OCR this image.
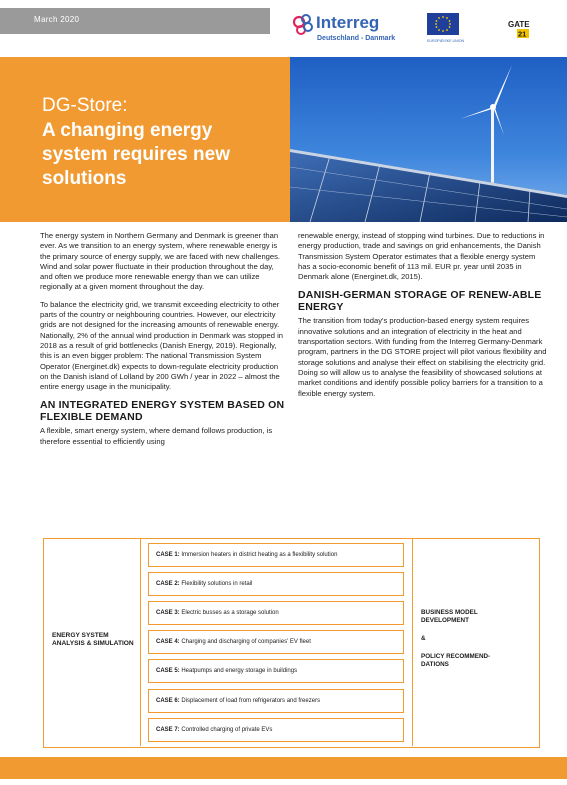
March 2020	Interreg
Deutschland - Danmark	EUROPÆISKE UNION
GATE
21
DG-Store:
A changing energy system requires new solutions

The energy system in Northern Germany and Denmark is greener than ever. As we transition to an energy system, where renewable energy is the primary source of energy supply, we are faced with new challenges. Wind and solar power fluctuate in their production throughout the day, and often we produce more renewable energy than we can utilize regionally at a given moment throughout the day.

To balance the electricity grid, we transmit exceeding electricity to other parts of the country or neighbouring countries. However, our electricity grids are not designed for the increasing amounts of renewable energy. Nationally, 2% of the annual wind production in Denmark was stopped in 2018 as a result of grid bottlenecks (Danish Energy, 2019). Regionally, this is an even bigger problem: The national Transmission System Operator (Energinet.dk) expects to down-regulate electricity production on the Danish island of Lolland by 200 GWh / year in 2022 – almost the entire energy usage in the municipality.

AN INTEGRATED ENERGY SYSTEM BASED ON FLEXIBLE DEMAND

A flexible, smart energy system, where demand follows production, is therefore essential to efficiently using

renewable energy, instead of stopping wind turbines. Due to reductions in energy production, trade and savings on grid enhancements, the Danish Transmission System Operator estimates that a flexible energy system has a socio-economic benefit of 113 mil. EUR pr. year until 2035 in Denmark alone (Energinet.dk, 2015).

DANISH-GERMAN STORAGE OF RENEW-ABLE ENERGY

The transition from today's production-based energy system requires innovative solutions and an integration of electricity in the heat and transportation sectors. With funding from the Interreg Germany-Denmark program, partners in the DG STORE project will pilot various flexibility and storage solutions and analyse their effect on stabilising the electricity grid. Doing so will allow us to analyse the feasibility of showcased solutions at market conditions and identify possible policy barriers for a transition to a flexible energy system.

ENERGY SYSTEM ANALYSIS & SIMULATION
CASE 1: Immersion heaters in district heating as a flexibility solution
CASE 2: Flexibility solutions in retail
CASE 3: Electric busses as a storage solution
CASE 4: Charging and discharging of companies' EV fleet
CASE 5: Heatpumps and energy storage in buildings
CASE 6: Displacement of load from refrigerators and freezers
CASE 7: Controlled charging of private EVs
BUSINESS MODEL DEVELOPMENT
&
POLICY RECOMMEND-DATIONS
